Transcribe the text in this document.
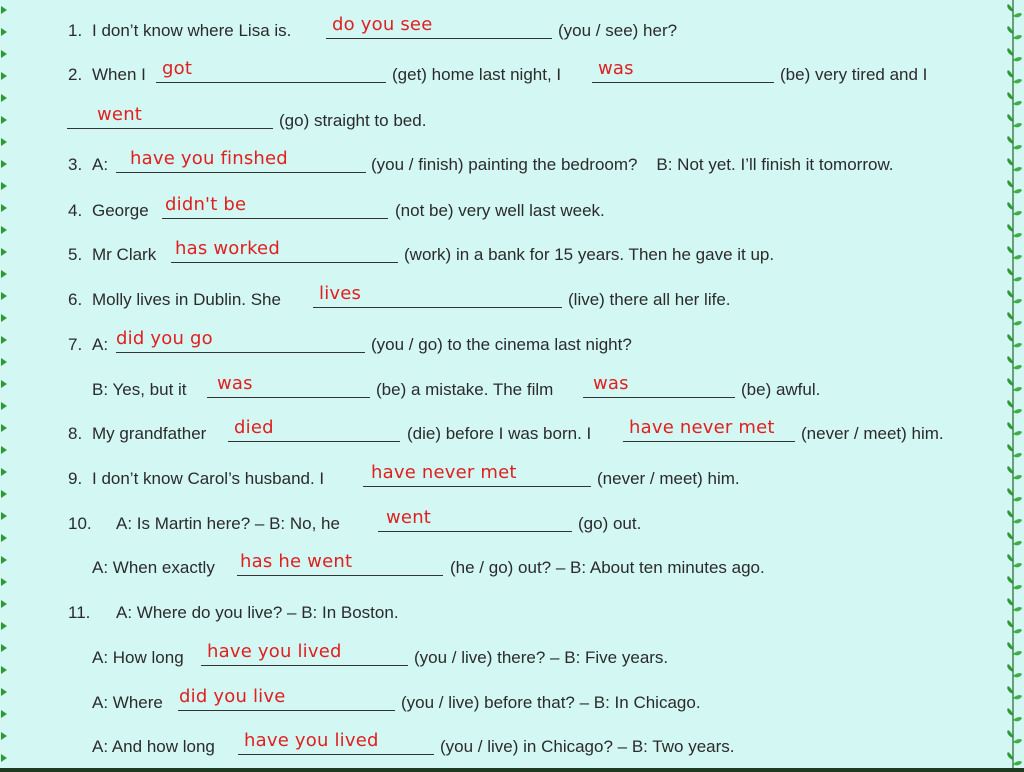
1. I don’t know where Lisa is. do you see	(you / see) her?
2. When I got	(get) home last night, I was	(be) very tired and I
went	(go) straight to bed.
3. A: have you finshed	(you / finish) painting the bedroom?    B: Not yet. I’ll finish it tomorrow.
4. George didn't be	(not be) very well last week.
5. Mr Clark has worked	(work) in a bank for 15 years. Then he gave it up.
6. Molly lives in Dublin. She lives	(live) there all her life.
7. A: did you go	(you / go) to the cinema last night?
B: Yes, but it was	(be) a mistake. The film was	(be) awful.
8. My grandfather died	(die) before I was born. I have never met (never / meet) him.
9. I don’t know Carol’s husband. I	have never met	(never / meet) him.
10. A: Is Martin here? – B: No, he	went	(go) out.
A: When exactly has he went	(he / go) out? – B: About ten minutes ago.
11. A: Where do you live? – B: In Boston.
A: How long have you lived	(you / live) there? – B: Five years.
A: Where did you live	(you / live) before that? – B: In Chicago.
A: And how long have you lived	(you / live) in Chicago? – B: Two years.
